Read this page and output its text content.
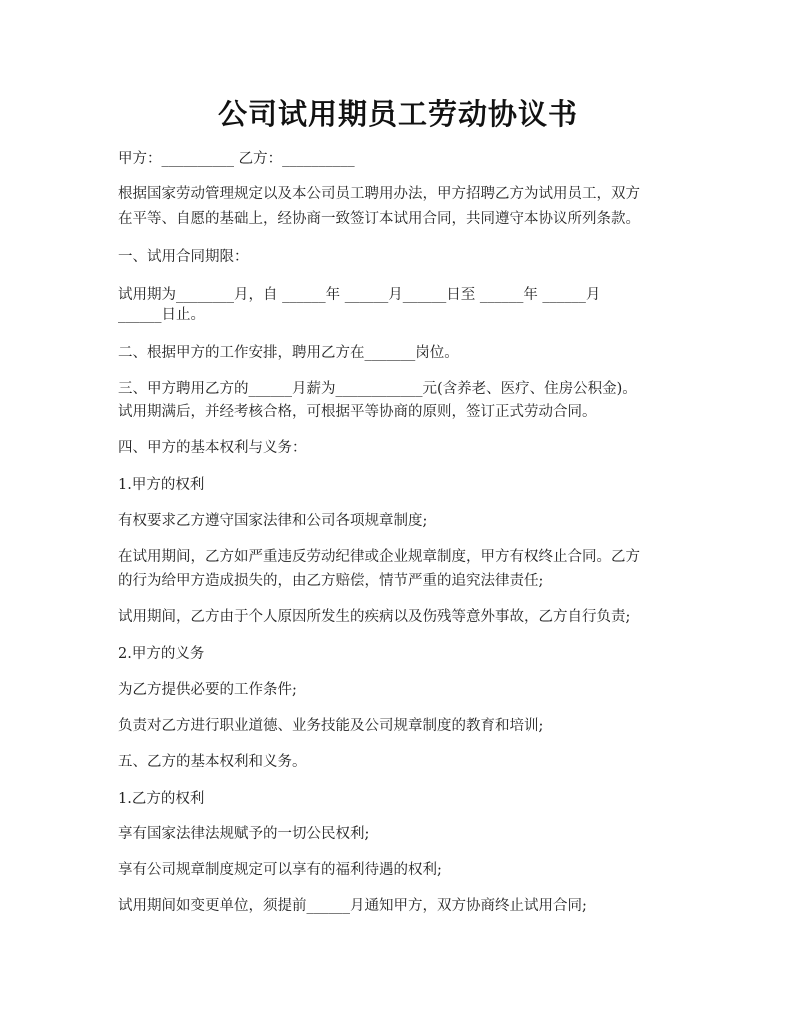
公司试用期员工劳动协议书
甲方：__________ 乙方：__________
根据国家劳动管理规定以及本公司员工聘用办法，甲方招聘乙方为试用员工，双方
在平等、自愿的基础上，经协商一致签订本试用合同，共同遵守本协议所列条款。
一、试用合同期限：
试用期为________月，自 ______年 ______月______日至 ______年 ______月
______日止。
二、根据甲方的工作安排，聘用乙方在_______岗位。
三、甲方聘用乙方的______月薪为____________元(含养老、医疗、住房公积金)。
试用期满后，并经考核合格，可根据平等协商的原则，签订正式劳动合同。
四、甲方的基本权利与义务：
1.甲方的权利
有权要求乙方遵守国家法律和公司各项规章制度;
在试用期间，乙方如严重违反劳动纪律或企业规章制度，甲方有权终止合同。乙方
的行为给甲方造成损失的，由乙方赔偿，情节严重的追究法律责任;
试用期间，乙方由于个人原因所发生的疾病以及伤残等意外事故，乙方自行负责;
2.甲方的义务
为乙方提供必要的工作条件;
负责对乙方进行职业道德、业务技能及公司规章制度的教育和培训;
五、乙方的基本权利和义务。
1.乙方的权利
享有国家法律法规赋予的一切公民权利;
享有公司规章制度规定可以享有的福利待遇的权利;
试用期间如变更单位，须提前______月通知甲方，双方协商终止试用合同;
